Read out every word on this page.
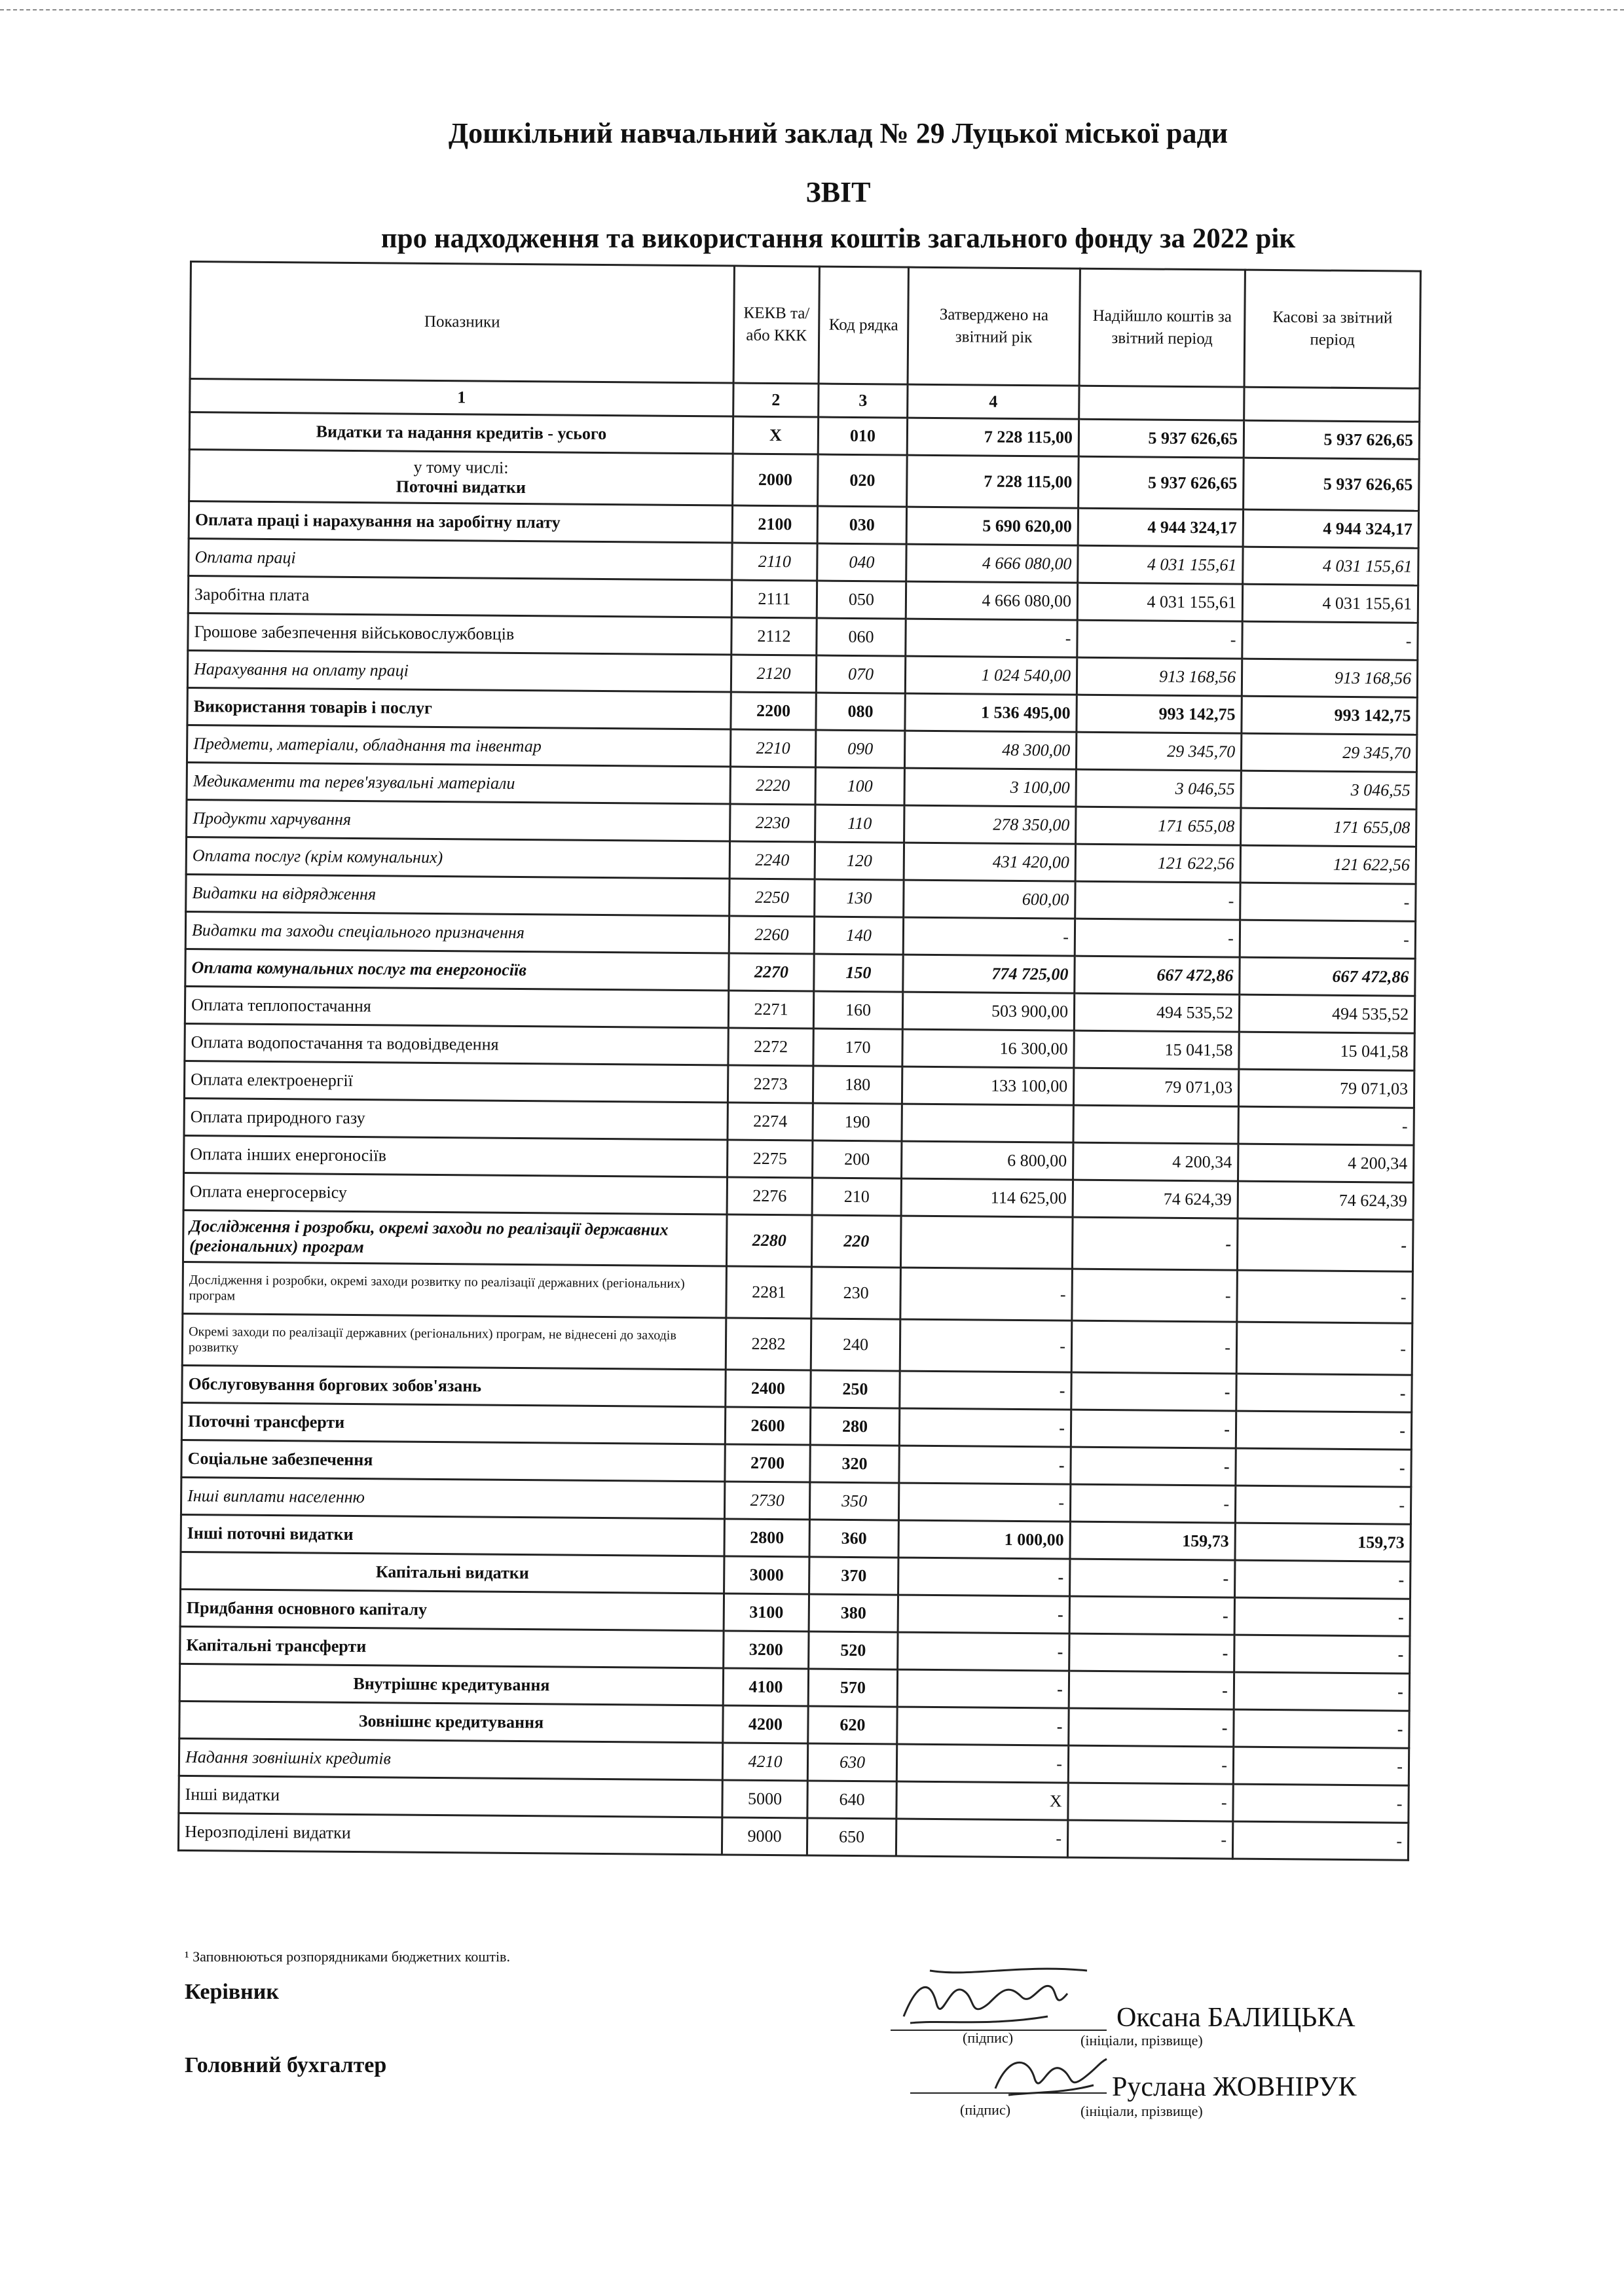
Дошкільний навчальний заклад № 29 Луцької міської ради
ЗВІТ
про надходження та використання коштів загального фонду за 2022 рік
Показники	КЕКВ та/або ККК	Код рядка	Затверджено на звітний рік	Надійшло коштів за звітний період	Касові за звітний період
1	2	3	4		
Видатки та надання кредитів - усього	X	010	7 228 115,00	5 937 626,65	5 937 626,65

у тому числі:
Поточні видатки	2000	020	7 228 115,00	5 937 626,65	5 937 626,65
Оплата праці і нарахування на заробітну плату	2100	030	5 690 620,00	4 944 324,17	4 944 324,17
Оплата праці	2110	040	4 666 080,00	4 031 155,61	4 031 155,61
Заробітна плата	2111	050	4 666 080,00	4 031 155,61	4 031 155,61
Грошове забезпечення військовослужбовців	2112	060	-	-	-
Нарахування на оплату праці	2120	070	1 024 540,00	913 168,56	913 168,56
Використання товарів і послуг	2200	080	1 536 495,00	993 142,75	993 142,75
Предмети, матеріали, обладнання та інвентар	2210	090	48 300,00	29 345,70	29 345,70
Медикаменти та перев'язувальні матеріали	2220	100	3 100,00	3 046,55	3 046,55
Продукти харчування	2230	110	278 350,00	171 655,08	171 655,08
Оплата послуг (крім комунальних)	2240	120	431 420,00	121 622,56	121 622,56
Видатки на відрядження	2250	130	600,00	-	-
Видатки та заходи спеціального призначення	2260	140	-	-	-
Оплата комунальних послуг та енергоносіїв	2270	150	774 725,00	667 472,86	667 472,86
Оплата теплопостачання	2271	160	503 900,00	494 535,52	494 535,52
Оплата водопостачання та водовідведення	2272	170	16 300,00	15 041,58	15 041,58
Оплата електроенергії	2273	180	133 100,00	79 071,03	79 071,03
Оплата природного газу	2274	190			-
Оплата інших енергоносіїв	2275	200	6 800,00	4 200,34	4 200,34
Оплата енергосервісу	2276	210	114 625,00	74 624,39	74 624,39
Дослідження і розробки, окремі заходи по реалізації державних (регіональних) програм	2280	220		-	-
Дослідження і розробки, окремі заходи розвитку по реалізації державних (регіональних) програм	2281	230	-	-	-
Окремі заходи по реалізації державних (регіональних) програм, не віднесені до заходів розвитку	2282	240	-	-	-
Обслуговування боргових зобов'язань	2400	250	-	-	-
Поточні трансферти	2600	280	-	-	-
Соціальне забезпечення	2700	320	-	-	-
Інші виплати населенню	2730	350	-	-	-
Інші поточні видатки	2800	360	1 000,00	159,73	159,73
Капітальні видатки	3000	370	-	-	-
Придбання основного капіталу	3100	380	-	-	-
Капітальні трансферти	3200	520	-	-	-
Внутрішнє кредитування	4100	570	-	-	-
Зовнішнє кредитування	4200	620	-	-	-
Надання зовнішніх кредитів	4210	630	-	-	-
Інші видатки	5000	640	X	-	-
Нерозподілені видатки	9000	650	-	-	-
¹ Заповнюються розпорядниками бюджетних коштів.
Керівник
(підпис)
Оксана БАЛИЦЬКА
(ініціали, прізвище)
Головний бухгалтер
(підпис)
Руслана ЖОВНІРУК
(ініціали, прізвище)
